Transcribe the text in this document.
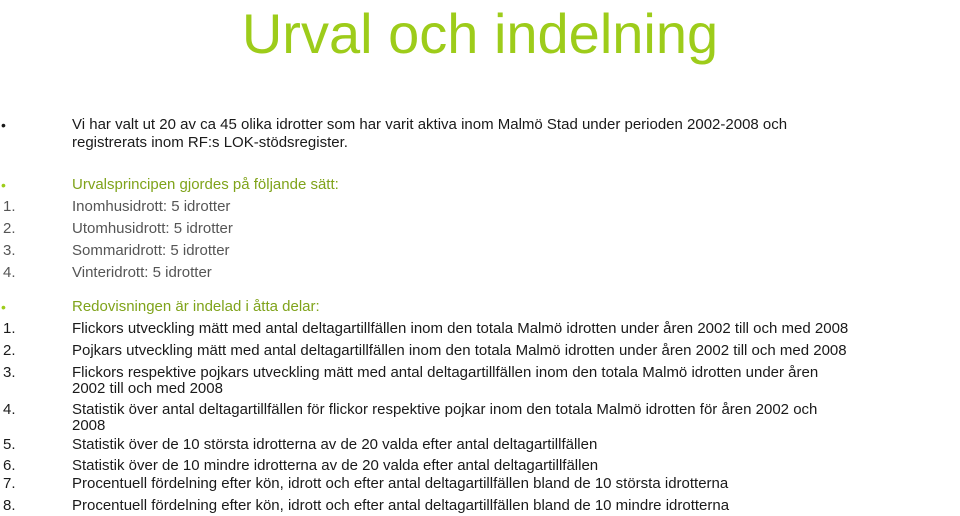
Urval och indelning
•	Vi har valt ut 20 av ca 45 olika idrotter som har varit aktiva inom Malmö Stad under perioden 2002-2008 och
registrerats inom RF:s LOK-stödsregister.
•	Urvalsprincipen gjordes på följande sätt:
1.	Inomhusidrott: 5 idrotter
2.	Utomhusidrott: 5 idrotter
3.	Sommaridrott: 5 idrotter
4.	Vinteridrott: 5 idrotter
•	Redovisningen är indelad i åtta delar:
1.	Flickors utveckling mätt med antal deltagartillfällen inom den totala Malmö idrotten under åren 2002 till och med 2008
2.	Pojkars utveckling mätt med antal deltagartillfällen inom den totala Malmö idrotten under åren 2002 till och med 2008
3.	Flickors respektive pojkars utveckling mätt med antal deltagartillfällen inom den totala Malmö idrotten under åren
2002 till och med 2008
4.	Statistik över antal deltagartillfällen för flickor respektive pojkar inom den totala Malmö idrotten för åren 2002 och
2008
5.	Statistik över de 10 största idrotterna av de 20 valda efter antal deltagartillfällen
6.	Statistik över de 10 mindre idrotterna av de 20 valda efter antal deltagartillfällen
7.	Procentuell fördelning efter kön, idrott och efter antal deltagartillfällen bland de 10 största idrotterna
8.	Procentuell fördelning efter kön, idrott och efter antal deltagartillfällen bland de 10 mindre idrotterna
